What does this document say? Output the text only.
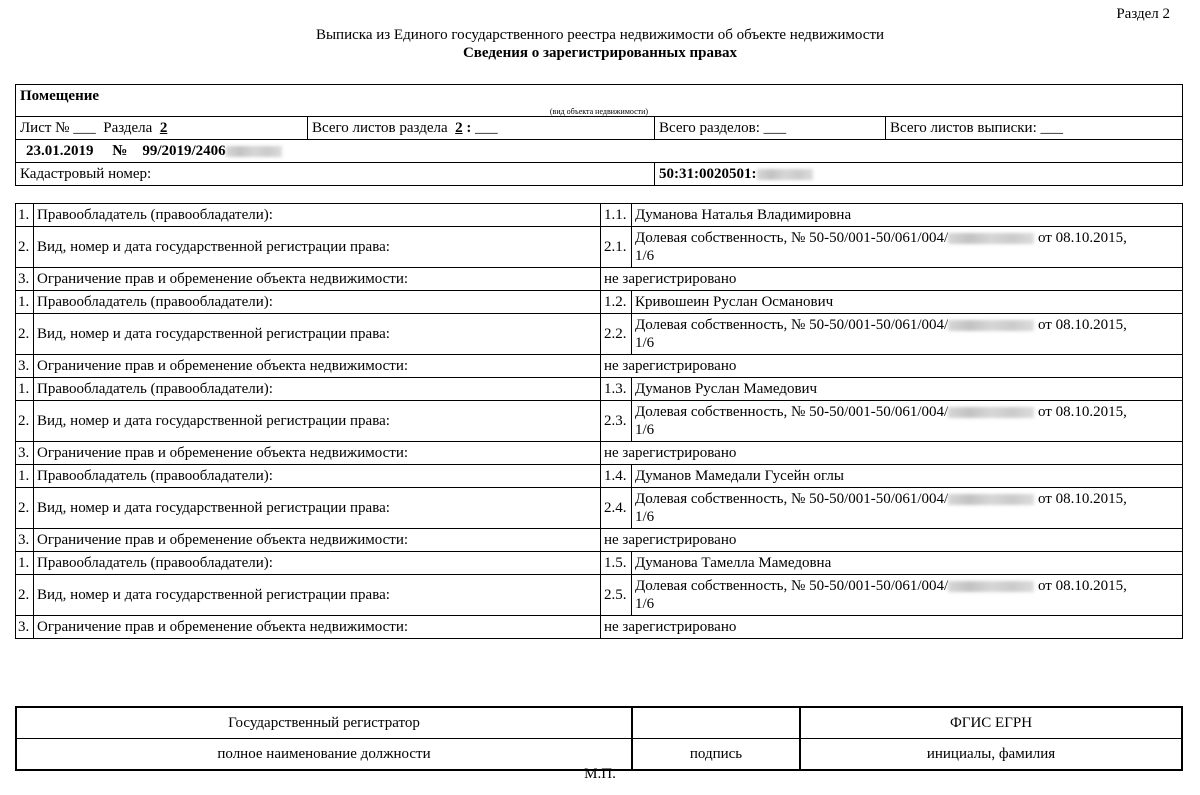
Раздел 2
Выписка из Единого государственного реестра недвижимости об объекте недвижимости
Сведения о зарегистрированных правах
Помещение			
(вид объекта недвижимости)			
Лист № ___ Раздела 2	Всего листов раздела 2 : ___	Всего разделов: ___	Всего листов выписки: ___
23.01.2019 № 99/2019/2406			
Кадастровый номер:		50:31:0020501:	
1.	Правообладатель (правообладатели):	1.1.	Думанова Наталья Владимировна
2.	Вид, номер и дата государственной регистрации права:	2.1.	Долевая собственность, № 50-50/001-50/061/004/ от 08.10.2015,
1/6
3.	Ограничение прав и обременение объекта недвижимости:	не зарегистрировано	
1.	Правообладатель (правообладатели):	1.2.	Кривошеин Руслан Османович
2.	Вид, номер и дата государственной регистрации права:	2.2.	Долевая собственность, № 50-50/001-50/061/004/ от 08.10.2015,
1/6
3.	Ограничение прав и обременение объекта недвижимости:	не зарегистрировано	
1.	Правообладатель (правообладатели):	1.3.	Думанов Руслан Мамедович
2.	Вид, номер и дата государственной регистрации права:	2.3.	Долевая собственность, № 50-50/001-50/061/004/ от 08.10.2015,
1/6
3.	Ограничение прав и обременение объекта недвижимости:	не зарегистрировано	
1.	Правообладатель (правообладатели):	1.4.	Думанов Мамедали Гусейн оглы
2.	Вид, номер и дата государственной регистрации права:	2.4.	Долевая собственность, № 50-50/001-50/061/004/ от 08.10.2015,
1/6
3.	Ограничение прав и обременение объекта недвижимости:	не зарегистрировано	
1.	Правообладатель (правообладатели):	1.5.	Думанова Тамелла Мамедовна
2.	Вид, номер и дата государственной регистрации права:	2.5.	Долевая собственность, № 50-50/001-50/061/004/ от 08.10.2015,
1/6
3.	Ограничение прав и обременение объекта недвижимости:	не зарегистрировано	
Государственный регистратор		ФГИС ЕГРН
полное наименование должности	подпись	инициалы, фамилия
М.П.
